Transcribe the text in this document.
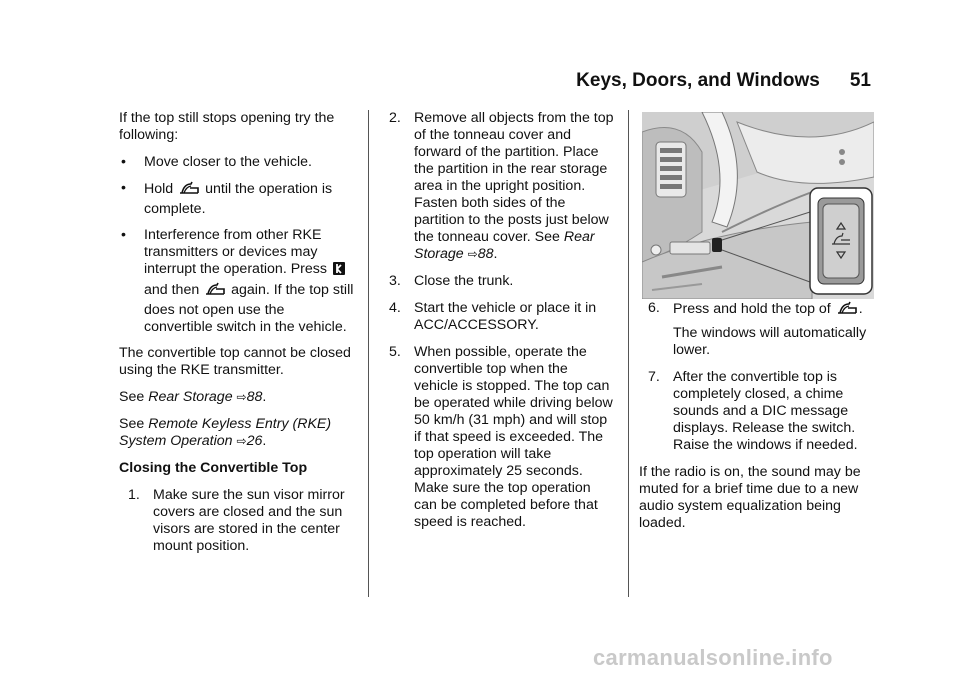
Keys, Doors, and Windows 51

If the top still stops opening try the following:

• Move closer to the vehicle.
• Hold until the operation is complete.
• Interference from other RKE transmitters or devices may interrupt the operation. Press  and then again. If the top still does not open use the convertible switch in the vehicle.

The convertible top cannot be closed using the RKE transmitter.

See Rear Storage ⇨88.

See Remote Keyless Entry (RKE) System Operation ⇨26.

Closing the Convertible Top

1. Make sure the sun visor mirror covers are closed and the sun visors are stored in the center mount position.
2. Remove all objects from the top of the tonneau cover and forward of the partition. Place the partition in the rear storage area in the upright position. Fasten both sides of the partition to the posts just below the tonneau cover. See Rear Storage ⇨88.
3. Close the trunk.
4. Start the vehicle or place it in ACC/ACCESSORY.
5. When possible, operate the convertible top when the vehicle is stopped. The top can be operated while driving below 50 km/h (31 mph) and will stop if that speed is exceeded. The top operation will take approximately 25 seconds. Make sure the top operation can be completed before that speed is reached.
6. Press and hold the top of .
The windows will automatically lower.
7. After the convertible top is completely closed, a chime sounds and a DIC message displays. Release the switch. Raise the windows if needed.

If the radio is on, the sound may be muted for a brief time due to a new audio system equalization being loaded.

carmanualsonline.info
